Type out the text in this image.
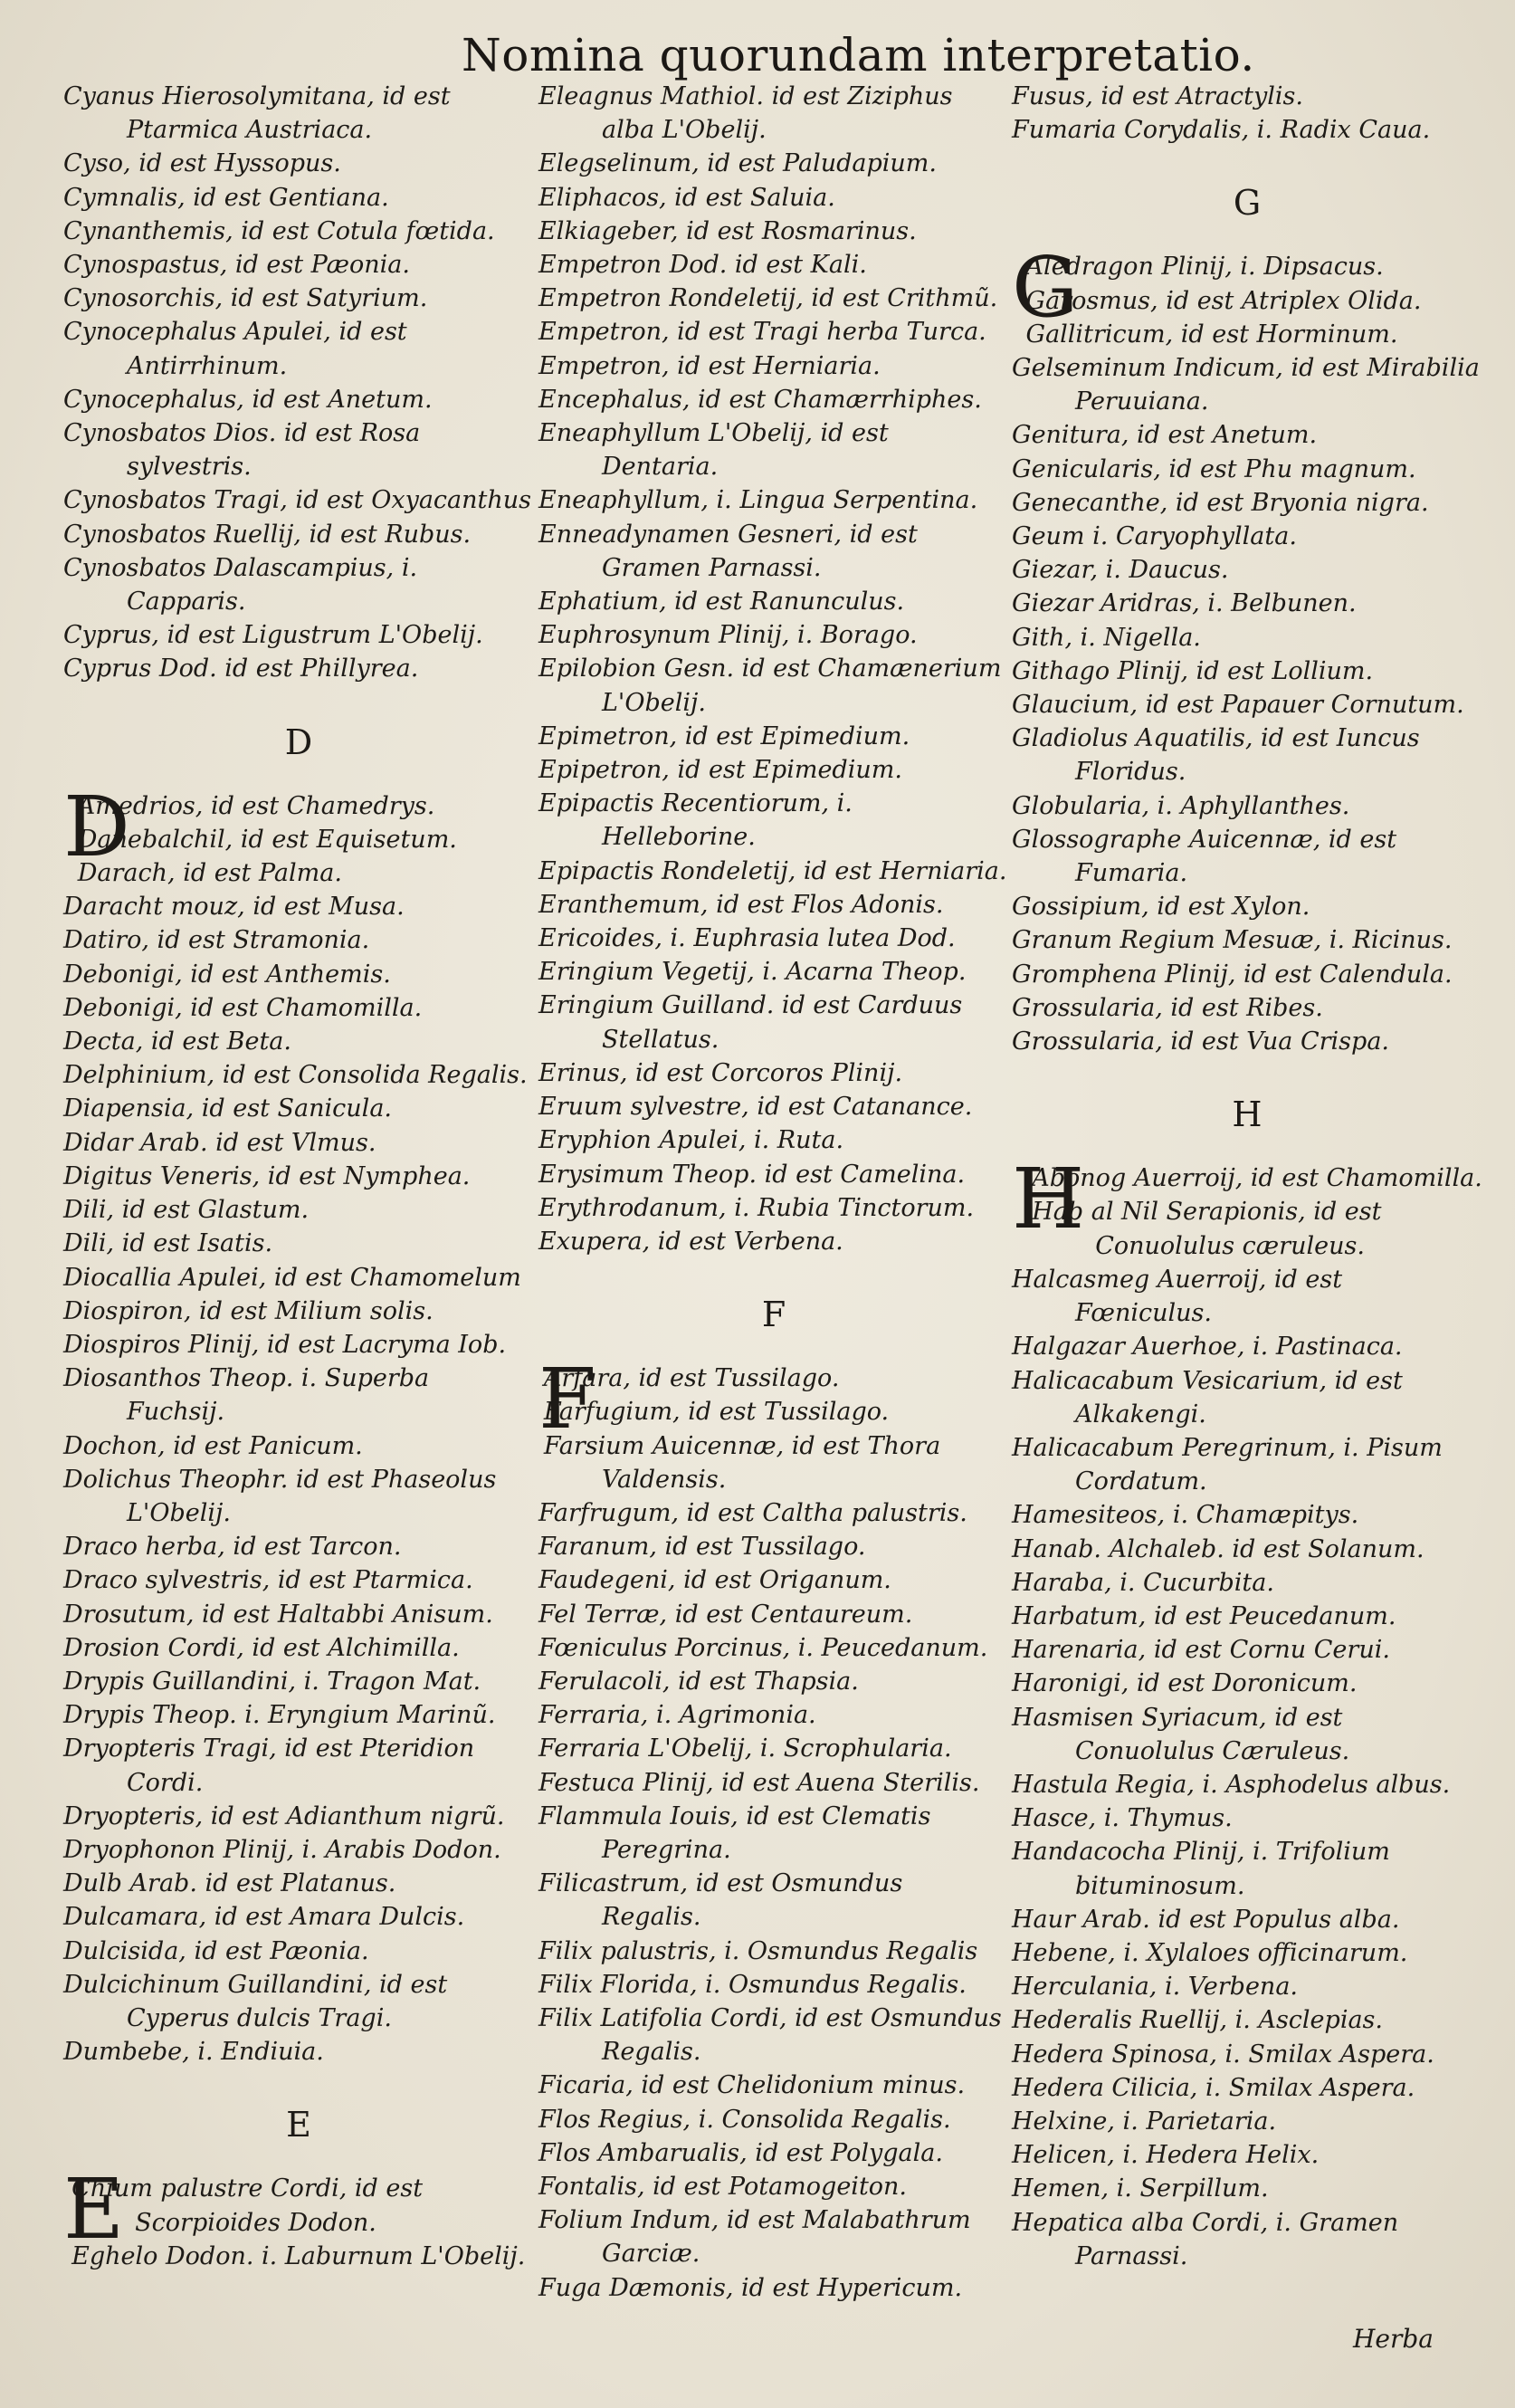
Nomina quorundam interpretatio.

Cyanus Hierosolymitana, id est Ptarmica Austriaca.

Cyso, id est Hyssopus.

Cymnalis, id est Gentiana.

Cynanthemis, id est Cotula fœtida.

Cynospastus, id est Pæonia.

Cynosorchis, id est Satyrium.

Cynocephalus Apulei, id est Antirrhinum.

Cynocephalus, id est Anetum.

Cynosbatos Dios. id est Rosa sylvestris.

Cynosbatos Tragi, id est Oxyacanthus

Cynosbatos Ruellij, id est Rubus.

Cynosbatos Dalascampius, i. Capparis.

Cyprus, id est Ligustrum L'Obelij.

Cyprus Dod. id est Phillyrea.

D
D

Amedrios, id est Chamedrys.

Danebalchil, id est Equisetum.

Darach, id est Palma.

Daracht mouz, id est Musa.

Datiro, id est Stramonia.

Debonigi, id est Anthemis.

Debonigi, id est Chamomilla.

Decta, id est Beta.

Delphinium, id est Consolida Regalis.

Diapensia, id est Sanicula.

Didar Arab. id est Vlmus.

Digitus Veneris, id est Nymphea.

Dili, id est Glastum.

Dili, id est Isatis.

Diocallia Apulei, id est Chamomelum

Diospiron, id est Milium solis.

Diospiros Plinij, id est Lacryma Iob.

Diosanthos Theop. i. Superba Fuchsij.

Dochon, id est Panicum.

Dolichus Theophr. id est Phaseolus L'Obelij.

Draco herba, id est Tarcon.

Draco sylvestris, id est Ptarmica.

Drosutum, id est Haltabbi Anisum.

Drosion Cordi, id est Alchimilla.

Drypis Guillandini, i. Tragon Mat.

Drypis Theop. i. Eryngium Marinũ.

Dryopteris Tragi, id est Pteridion Cordi.

Dryopteris, id est Adianthum nigrũ.

Dryophonon Plinij, i. Arabis Dodon.

Dulb Arab. id est Platanus.

Dulcamara, id est Amara Dulcis.

Dulcisida, id est Pæonia.

Dulcichinum Guillandini, id est Cyperus dulcis Tragi.

Dumbebe, i. Endiuia.

E
E

Chium palustre Cordi, id est Scorpioides Dodon.

Eghelo Dodon. i. Laburnum L'Obelij.

Eleagnus Mathiol. id est Ziziphus alba L'Obelij.

Elegselinum, id est Paludapium.

Eliphacos, id est Saluia.

Elkiageber, id est Rosmarinus.

Empetron Dod. id est Kali.

Empetron Rondeletij, id est Crithmũ.

Empetron, id est Tragi herba Turca.

Empetron, id est Herniaria.

Encephalus, id est Chamærrhiphes.

Eneaphyllum L'Obelij, id est Dentaria.

Eneaphyllum, i. Lingua Serpentina.

Enneadynamen Gesneri, id est Gramen Parnassi.

Ephatium, id est Ranunculus.

Euphrosynum Plinij, i. Borago.

Epilobion Gesn. id est Chamænerium L'Obelij.

Epimetron, id est Epimedium.

Epipetron, id est Epimedium.

Epipactis Recentiorum, i. Helleborine.

Epipactis Rondeletij, id est Herniaria.

Eranthemum, id est Flos Adonis.

Ericoides, i. Euphrasia lutea Dod.

Eringium Vegetij, i. Acarna Theop.

Eringium Guilland. id est Carduus Stellatus.

Erinus, id est Corcoros Plinij.

Eruum sylvestre, id est Catanance.

Eryphion Apulei, i. Ruta.

Erysimum Theop. id est Camelina.

Erythrodanum, i. Rubia Tinctorum.

Exupera, id est Verbena.

F
F

Arfara, id est Tussilago.

Farfugium, id est Tussilago.

Farsium Auicennæ, id est Thora Valdensis.

Farfrugum, id est Caltha palustris.

Faranum, id est Tussilago.

Faudegeni, id est Origanum.

Fel Terræ, id est Centaureum.

Fœniculus Porcinus, i. Peucedanum.

Ferulacoli, id est Thapsia.

Ferraria, i. Agrimonia.

Ferraria L'Obelij, i. Scrophularia.

Festuca Plinij, id est Auena Sterilis.

Flammula Iouis, id est Clematis Peregrina.

Filicastrum, id est Osmundus Regalis.

Filix palustris, i. Osmundus Regalis

Filix Florida, i. Osmundus Regalis.

Filix Latifolia Cordi, id est Osmundus Regalis.

Ficaria, id est Chelidonium minus.

Flos Regius, i. Consolida Regalis.

Flos Ambarualis, id est Polygala.

Fontalis, id est Potamogeiton.

Folium Indum, id est Malabathrum Garciæ.

Fuga Dæmonis, id est Hypericum.

Fusus, id est Atractylis.

Fumaria Corydalis, i. Radix Caua.

G
G

Aledragon Plinij, i. Dipsacus.

Garosmus, id est Atriplex Olida.

Gallitricum, id est Horminum.

Gelseminum Indicum, id est Mirabilia Peruuiana.

Genitura, id est Anetum.

Genicularis, id est Phu magnum.

Genecanthe, id est Bryonia nigra.

Geum i. Caryophyllata.

Giezar, i. Daucus.

Giezar Aridras, i. Belbunen.

Gith, i. Nigella.

Githago Plinij, id est Lollium.

Glaucium, id est Papauer Cornutum.

Gladiolus Aquatilis, id est Iuncus Floridus.

Globularia, i. Aphyllanthes.

Glossographe Auicennæ, id est Fumaria.

Gossipium, id est Xylon.

Granum Regium Mesuæ, i. Ricinus.

Gromphena Plinij, id est Calendula.

Grossularia, id est Ribes.

Grossularia, id est Vua Crispa.

H
H

Abonog Auerroij, id est Chamomilla.

Hab al Nil Serapionis, id est Conuolulus cæruleus.

Halcasmeg Auerroij, id est Fœniculus.

Halgazar Auerhoe, i. Pastinaca.

Halicacabum Vesicarium, id est Alkakengi.

Halicacabum Peregrinum, i. Pisum Cordatum.

Hamesiteos, i. Chamæpitys.

Hanab. Alchaleb. id est Solanum.

Haraba, i. Cucurbita.

Harbatum, id est Peucedanum.

Harenaria, id est Cornu Cerui.

Haronigi, id est Doronicum.

Hasmisen Syriacum, id est Conuolulus Cæruleus.

Hastula Regia, i. Asphodelus albus.

Hasce, i. Thymus.

Handacocha Plinij, i. Trifolium bituminosum.

Haur Arab. id est Populus alba.

Hebene, i. Xylaloes officinarum.

Herculania, i. Verbena.

Hederalis Ruellij, i. Asclepias.

Hedera Spinosa, i. Smilax Aspera.

Hedera Cilicia, i. Smilax Aspera.

Helxine, i. Parietaria.

Helicen, i. Hedera Helix.

Hemen, i. Serpillum.

Hepatica alba Cordi, i. Gramen Parnassi.

Herba
